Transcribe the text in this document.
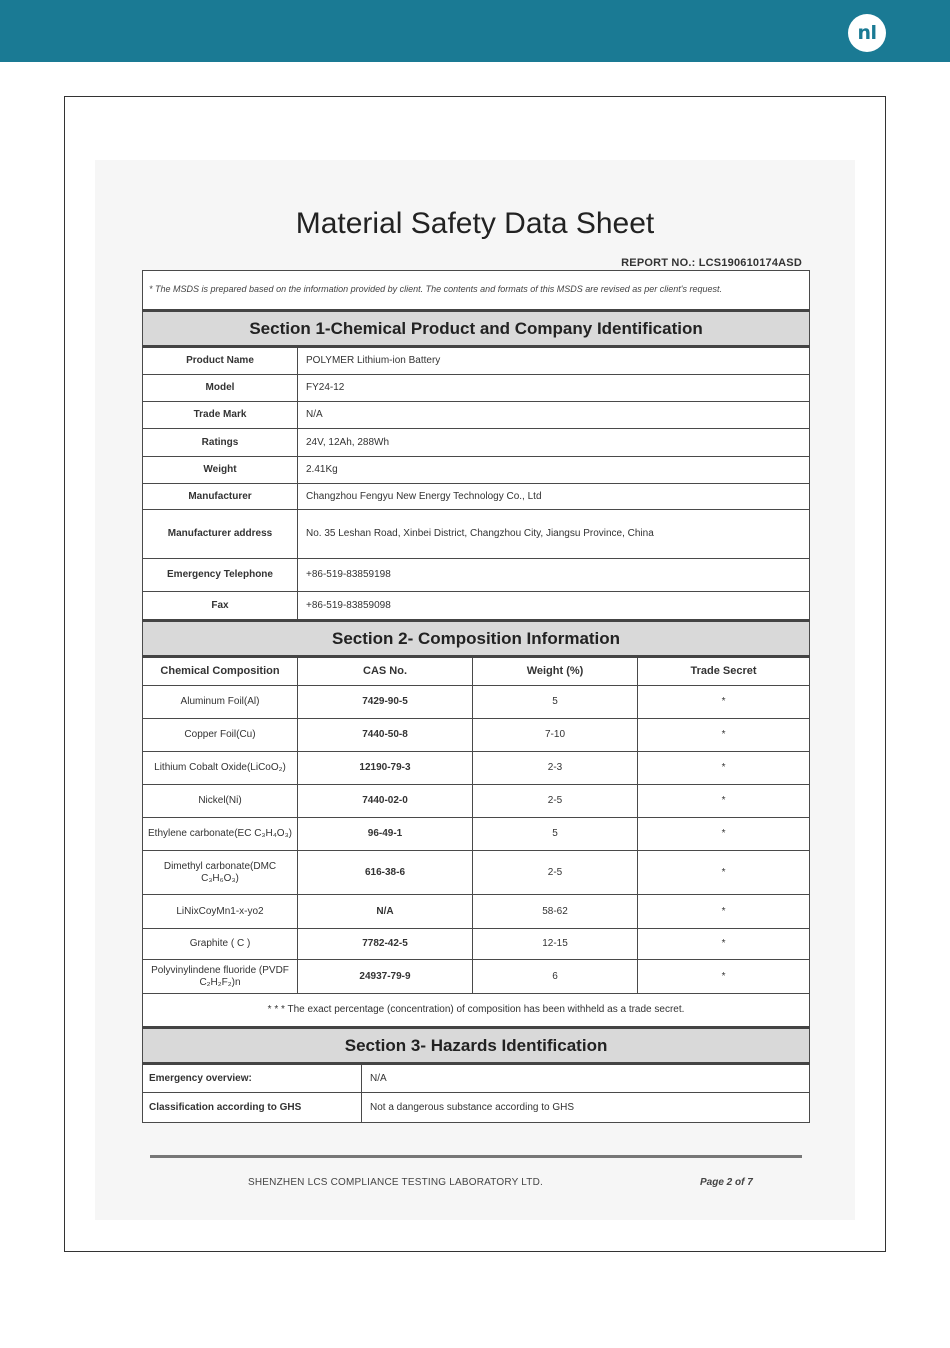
nl
Material Safety Data Sheet
REPORT NO.: LCS190610174ASD
* The MSDS is prepared based on the information provided by client. The contents and formats of this MSDS are revised as per client's request.				
Section 1-Chemical Product and Company Identification				
Product Name	POLYMER Lithium-ion Battery			
Model	FY24-12			
Trade Mark	N/A			
Ratings	24V, 12Ah, 288Wh			
Weight	2.41Kg			
Manufacturer	Changzhou Fengyu New Energy Technology Co., Ltd			
Manufacturer address	No. 35 Leshan Road, Xinbei District, Changzhou City, Jiangsu Province, China			
Emergency Telephone	+86-519-83859198			
Fax	+86-519-83859098			
Section 2- Composition Information				
Chemical Composition	CAS No.		Weight (%)	Trade Secret
Aluminum Foil(Al)	7429-90-5		5	*
Copper Foil(Cu)	7440-50-8		7-10	*
Lithium Cobalt Oxide(LiCoO₂)	12190-79-3		2-3	*
Nickel(Ni)	7440-02-0		2-5	*
Ethylene carbonate(EC C₃H₄O₃)	96-49-1		5	*
Dimethyl carbonate(DMC C₃H₆O₃)	616-38-6		2-5	*
LiNixCoyMn1-x-yo2	N/A		58-62	*
Graphite ( C )	7782-42-5		12-15	*
Polyvinylindene fluoride (PVDF C₂H₂F₂)n	24937-79-9		6	*
* * * The exact percentage (concentration) of composition has been withheld as a trade secret.				
Section 3- Hazards Identification				
Emergency overview:		N/A		
Classification according to GHS		Not a dangerous substance according to GHS		
SHENZHEN LCS COMPLIANCE TESTING LABORATORY LTD.	Page 2 of 7
